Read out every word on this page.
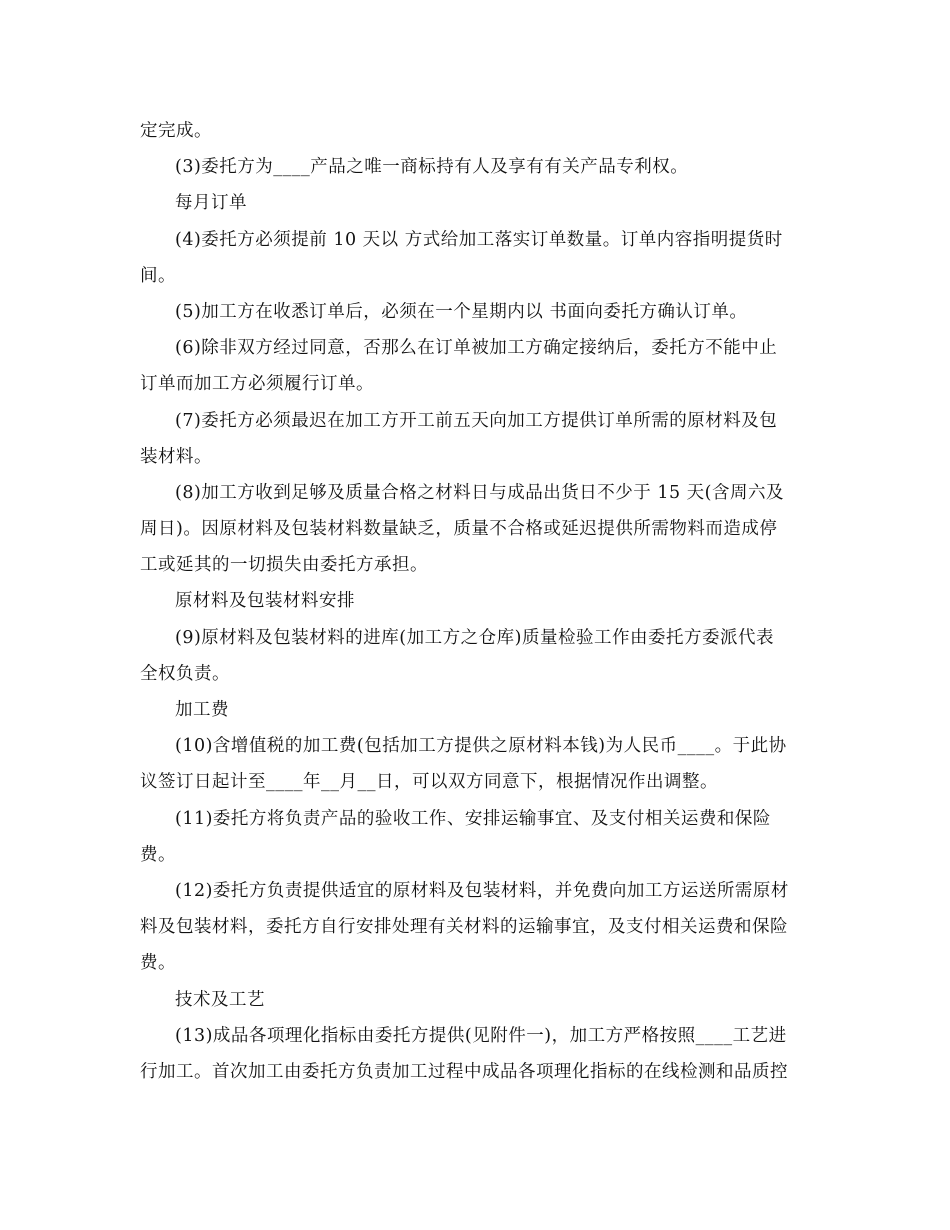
定完成。
(3)委托方为____产品之唯一商标持有人及享有有关产品专利权。
每月订单
(4)委托方必须提前 10 天以 方式给加工落实订单数量。订单内容指明提货时
间。
(5)加工方在收悉订单后，必须在一个星期内以 书面向委托方确认订单。
(6)除非双方经过同意，否那么在订单被加工方确定接纳后，委托方不能中止
订单而加工方必须履行订单。
(7)委托方必须最迟在加工方开工前五天向加工方提供订单所需的原材料及包
装材料。
(8)加工方收到足够及质量合格之材料日与成品出货日不少于 15 天(含周六及
周日)。因原材料及包装材料数量缺乏，质量不合格或延迟提供所需物料而造成停
工或延其的一切损失由委托方承担。
原材料及包装材料安排
(9)原材料及包装材料的进库(加工方之仓库)质量检验工作由委托方委派代表
全权负责。
加工费
(10)含增值税的加工费(包括加工方提供之原材料本钱)为人民币____。于此协
议签订日起计至____年__月__日，可以双方同意下，根据情况作出调整。
(11)委托方将负责产品的验收工作、安排运输事宜、及支付相关运费和保险
费。
(12)委托方负责提供适宜的原材料及包装材料，并免费向加工方运送所需原材
料及包装材料，委托方自行安排处理有关材料的运输事宜，及支付相关运费和保险
费。
技术及工艺
(13)成品各项理化指标由委托方提供(见附件一)，加工方严格按照____工艺进
行加工。首次加工由委托方负责加工过程中成品各项理化指标的在线检测和品质控
